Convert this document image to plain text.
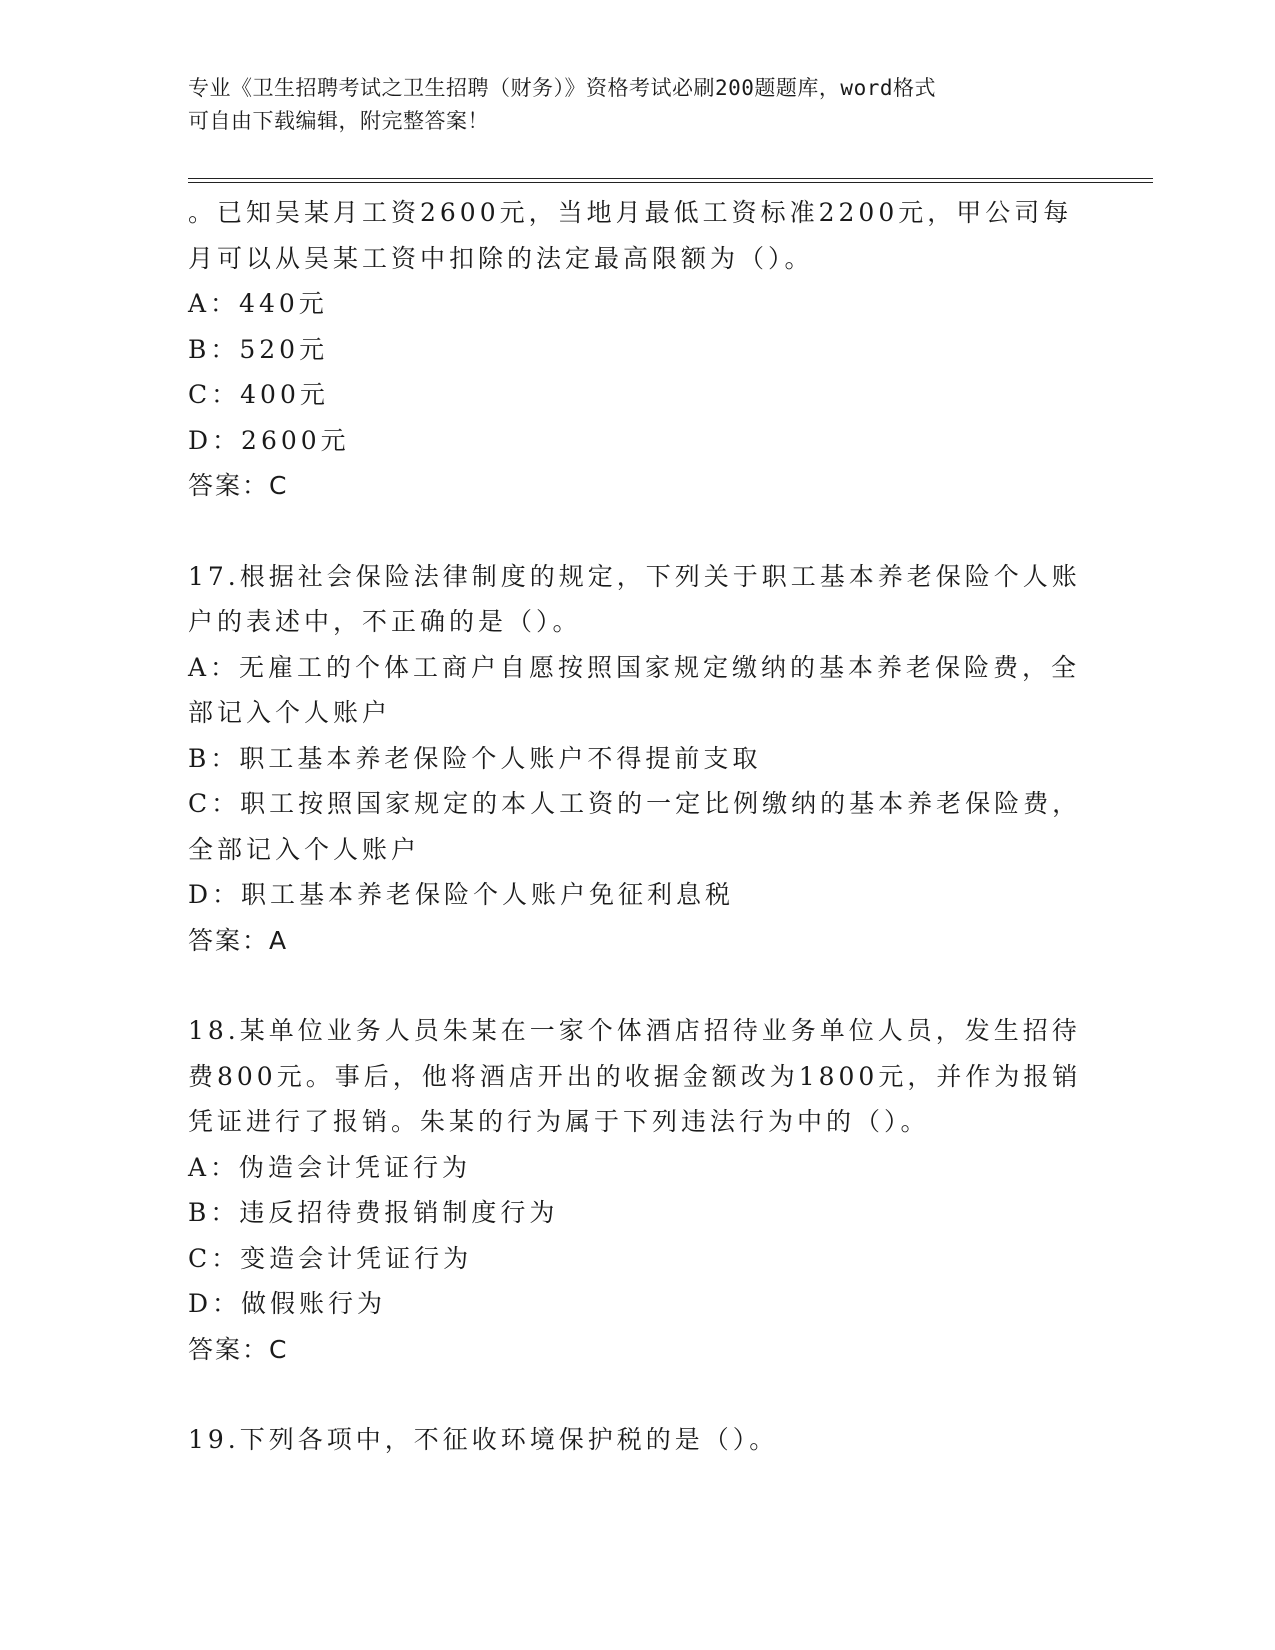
专业《卫生招聘考试之卫生招聘（财务）》资格考试必刷200题题库，word格式
可自由下载编辑，附完整答案！
。已知吴某月工资2600元，当地月最低工资标准2200元，甲公司每
月可以从吴某工资中扣除的法定最高限额为（）。
A：440元
B：520元
C：400元
D：2600元
答案：C
17.根据社会保险法律制度的规定，下列关于职工基本养老保险个人账
户的表述中，不正确的是（）。
A：无雇工的个体工商户自愿按照国家规定缴纳的基本养老保险费，全
部记入个人账户
B：职工基本养老保险个人账户不得提前支取
C：职工按照国家规定的本人工资的一定比例缴纳的基本养老保险费，
全部记入个人账户
D：职工基本养老保险个人账户免征利息税
答案：A
18.某单位业务人员朱某在一家个体酒店招待业务单位人员，发生招待
费800元。事后，他将酒店开出的收据金额改为1800元，并作为报销
凭证进行了报销。朱某的行为属于下列违法行为中的（）。
A：伪造会计凭证行为
B：违反招待费报销制度行为
C：变造会计凭证行为
D：做假账行为
答案：C
19.下列各项中，不征收环境保护税的是（）。
